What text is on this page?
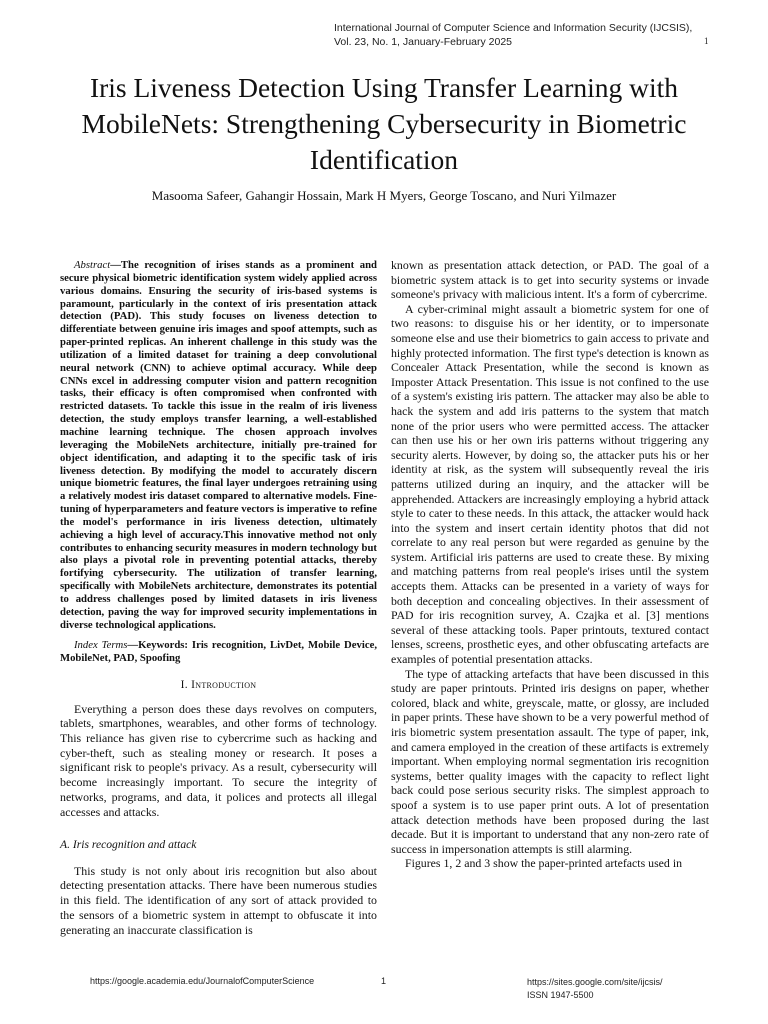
International Journal of Computer Science and Information Security (IJCSIS),
Vol. 23, No. 1, January-February 2025	1
Iris Liveness Detection Using Transfer Learning with MobileNets: Strengthening Cybersecurity in Biometric Identification
Masooma Safeer, Gahangir Hossain, Mark H Myers, George Toscano, and Nuri Yilmazer

Abstract—The recognition of irises stands as a prominent and secure physical biometric identification system widely applied across various domains. Ensuring the security of iris-based systems is paramount, particularly in the context of iris presentation attack detection (PAD). This study focuses on liveness detection to differentiate between genuine iris images and spoof attempts, such as paper-printed replicas. An inherent challenge in this study was the utilization of a limited dataset for training a deep convolutional neural network (CNN) to achieve optimal accuracy. While deep CNNs excel in addressing computer vision and pattern recognition tasks, their efficacy is often compromised when confronted with restricted datasets. To tackle this issue in the realm of iris liveness detection, the study employs transfer learning, a well-established machine learning technique. The chosen approach involves leveraging the MobileNets architecture, initially pre-trained for object identification, and adapting it to the specific task of iris liveness detection. By modifying the model to accurately discern unique biometric features, the final layer undergoes retraining using a relatively modest iris dataset compared to alternative models. Fine-tuning of hyperparameters and feature vectors is imperative to refine the model's performance in iris liveness detection, ultimately achieving a high level of accuracy.This innovative method not only contributes to enhancing security measures in modern technology but also plays a pivotal role in preventing potential attacks, thereby fortifying cybersecurity. The utilization of transfer learning, specifically with MobileNets architecture, demonstrates its potential to address challenges posed by limited datasets in iris liveness detection, paving the way for improved security implementations in diverse technological applications.

Index Terms—Keywords: Iris recognition, LivDet, Mobile Device, MobileNet, PAD, Spoofing

I. Introduction

Everything a person does these days revolves on computers, tablets, smartphones, wearables, and other forms of technology. This reliance has given rise to cybercrime such as hacking and cyber-theft, such as stealing money or research. It poses a significant risk to people's privacy. As a result, cybersecurity will become increasingly important. To secure the integrity of networks, programs, and data, it polices and protects all illegal accesses and attacks.

A. Iris recognition and attack

This study is not only about iris recognition but also about detecting presentation attacks. There have been numerous studies in this field. The identification of any sort of attack provided to the sensors of a biometric system in attempt to obfuscate it into generating an inaccurate classification is

known as presentation attack detection, or PAD. The goal of a biometric system attack is to get into security systems or invade someone's privacy with malicious intent. It's a form of cybercrime.

A cyber-criminal might assault a biometric system for one of two reasons: to disguise his or her identity, or to impersonate someone else and use their biometrics to gain access to private and highly protected information. The first type's detection is known as Concealer Attack Presentation, while the second is known as Imposter Attack Presentation. This issue is not confined to the use of a system's existing iris pattern. The attacker may also be able to hack the system and add iris patterns to the system that match none of the prior users who were permitted access. The attacker can then use his or her own iris patterns without triggering any security alerts. However, by doing so, the attacker puts his or her identity at risk, as the system will subsequently reveal the iris patterns utilized during an inquiry, and the attacker will be apprehended. Attackers are increasingly employing a hybrid attack style to cater to these needs. In this attack, the attacker would hack into the system and insert certain identity photos that did not correlate to any real person but were regarded as genuine by the system. Artificial iris patterns are used to create these. By mixing and matching patterns from real people's irises until the system accepts them. Attacks can be presented in a variety of ways for both deception and concealing objectives. In their assessment of PAD for iris recognition survey, A. Czajka et al. [3] mentions several of these attacking tools. Paper printouts, textured contact lenses, screens, prosthetic eyes, and other obfuscating artefacts are examples of potential presentation attacks.

The type of attacking artefacts that have been discussed in this study are paper printouts. Printed iris designs on paper, whether colored, black and white, greyscale, matte, or glossy, are included in paper prints. These have shown to be a very powerful method of iris biometric system presentation assault. The type of paper, ink, and camera employed in the creation of these artifacts is extremely important. When employing normal segmentation iris recognition systems, better quality images with the capacity to reflect light back could pose serious security risks. The simplest approach to spoof a system is to use paper print outs. A lot of presentation attack detection methods have been proposed during the last decade. But it is important to understand that any non-zero rate of success in impersonation attempts is still alarming.

Figures 1, 2 and 3 show the paper-printed artefacts used in

https://google.academia.edu/JournalofComputerScience	1	https://sites.google.com/site/ijcsis/
ISSN 1947-5500
